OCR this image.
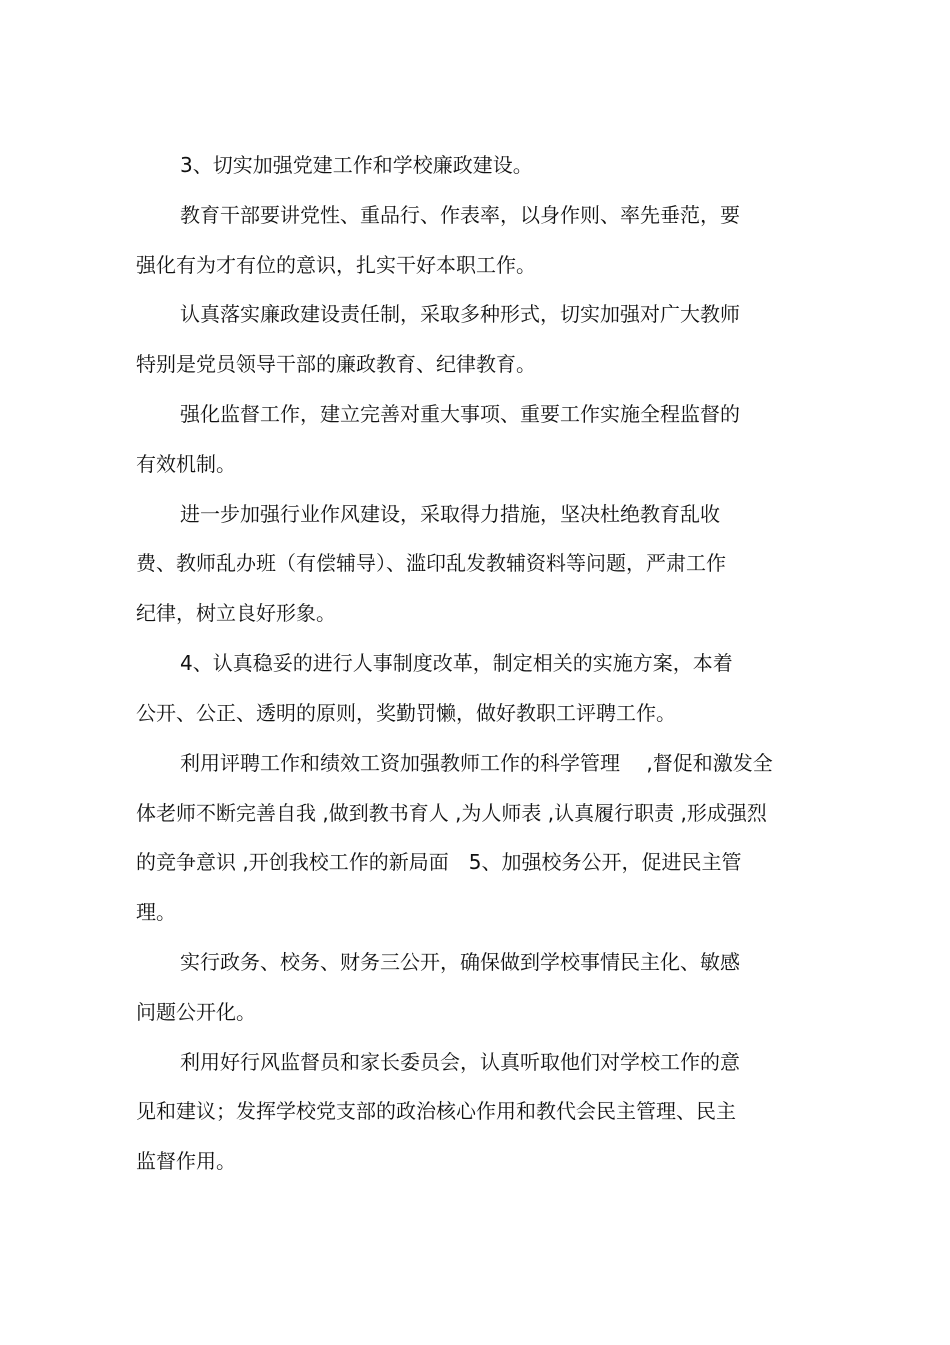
3、切实加强党建工作和学校廉政建设。
教育干部要讲党性、重品行、作表率，以身作则、率先垂范，要
强化有为才有位的意识，扎实干好本职工作。
认真落实廉政建设责任制，采取多种形式，切实加强对广大教师
特别是党员领导干部的廉政教育、纪律教育。
强化监督工作，建立完善对重大事项、重要工作实施全程监督的
有效机制。
进一步加强行业作风建设，采取得力措施，坚决杜绝教育乱收
费、教师乱办班（有偿辅导）、滥印乱发教辅资料等问题，严肃工作
纪律，树立良好形象。
4、认真稳妥的进行人事制度改革，制定相关的实施方案，本着
公开、公正、透明的原则，奖勤罚懒，做好教职工评聘工作。
利用评聘工作和绩效工资加强教师工作的科学管理　 ,督促和激发全
体老师不断完善自我 ,做到教书育人 ,为人师表 ,认真履行职责 ,形成强烈
的竞争意识 ,开创我校工作的新局面　5、加强校务公开，促进民主管
理。
实行政务、校务、财务三公开，确保做到学校事情民主化、敏感
问题公开化。
利用好行风监督员和家长委员会，认真听取他们对学校工作的意
见和建议；发挥学校党支部的政治核心作用和教代会民主管理、民主
监督作用。
